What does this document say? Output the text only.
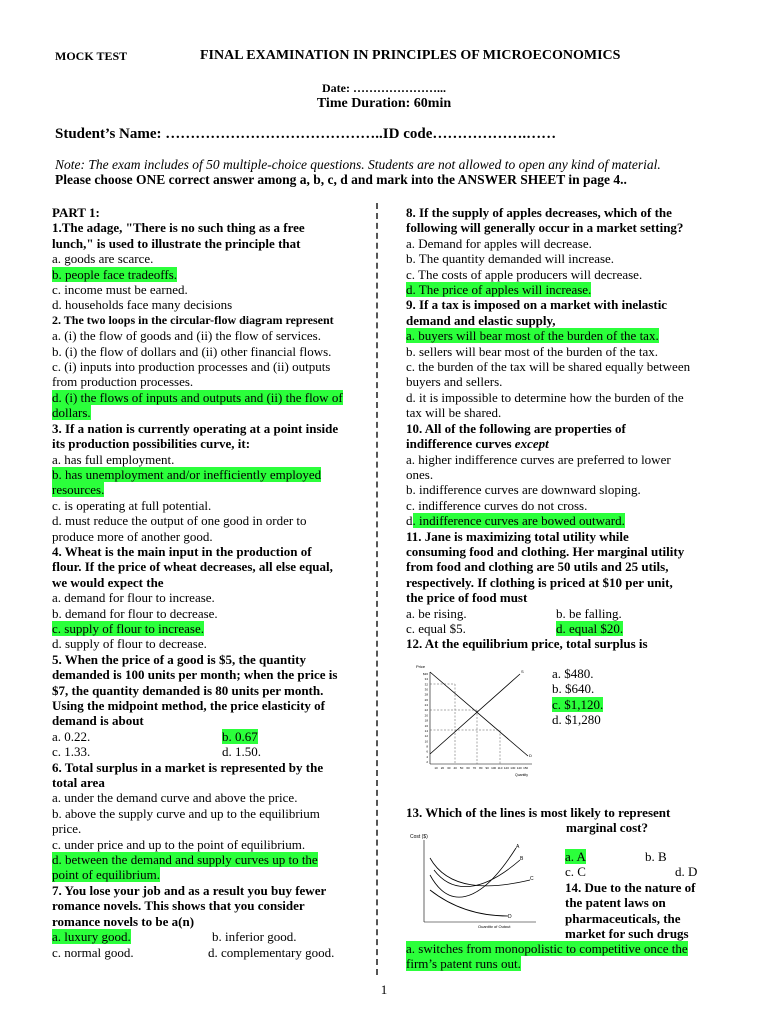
MOCK TEST	FINAL EXAMINATION IN PRINCIPLES OF MICROECONOMICS
Date: …………………...
Time Duration: 60min
Student’s Name: ……………………………………..ID code……………….……
Note: The exam includes of 50 multiple-choice questions. Students are not allowed to open any kind of material.
Please choose ONE correct answer among a, b, c, d and mark into the ANSWER SHEET in page 4..
PART 1:
1.The adage, "There is no such thing as a free
lunch," is used to illustrate the principle that
a. goods are scarce.
b. people face tradeoffs.
c. income must be earned.
d. households face many decisions
2. The two loops in the circular-flow diagram represent
a. (i) the flow of goods and (ii) the flow of services.
b. (i) the flow of dollars and (ii) other financial flows.
c. (i) inputs into production processes and (ii) outputs
from production processes.
d. (i) the flows of inputs and outputs and (ii) the flow of
dollars.
3. If a nation is currently operating at a point inside
its production possibilities curve, it:
a. has full employment.
b. has unemployment and/or inefficiently employed
resources.
c. is operating at full potential.
d. must reduce the output of one good in order to
produce more of another good.
4. Wheat is the main input in the production of
flour. If the price of wheat decreases, all else equal,
we would expect the
a. demand for flour to increase.
b. demand for flour to decrease.
c. supply of flour to increase.
d. supply of flour to decrease.
5. When the price of a good is $5, the quantity
demanded is 100 units per month; when the price is
$7, the quantity demanded is 80 units per month.
Using the midpoint method, the price elasticity of
demand is about
a. 0.22.	b. 0.67
c. 1.33.	d. 1.50.
6. Total surplus in a market is represented by the
total area
a. under the demand curve and above the price.
b. above the supply curve and up to the equilibrium
price.
c. under price and up to the point of equilibrium.
d. between the demand and supply curves up to the
point of equilibrium.
7. You lose your job and as a result you buy fewer
romance novels. This shows that you consider
romance novels to be a(n)
a. luxury good.	b. inferior good.
c. normal good.	d. complementary good.
8. If the supply of apples decreases, which of the
following will generally occur in a market setting?
a. Demand for apples will decrease.
b. The quantity demanded will increase.
c. The costs of apple producers will decrease.
d. The price of apples will increase.
9. If a tax is imposed on a market with inelastic
demand and elastic supply,
a. buyers will bear most of the burden of the tax.
b. sellers will bear most of the burden of the tax.
c. the burden of the tax will be shared equally between
buyers and sellers.
d. it is impossible to determine how the burden of the
tax will be shared.
10. All of the following are properties of
indifference curves except
a. higher indifference curves are preferred to lower
ones.
b. indifference curves are downward sloping.
c. indifference curves do not cross.
d. indifference curves are bowed outward.
11. Jane is maximizing total utility while
consuming food and clothing. Her marginal utility
from food and clothing are 50 utils and 25 utils,
respectively. If clothing is priced at $10 per unit,
the price of food must
a. be rising.	b. be falling.
c. equal $5.	d. equal $20.
12. At the equilibrium price, total surplus is
Price
$36
34
32
30
28
26
24
22
20
18
16
14
12
10
8
6
4
2
10 20 30 40 50 60 70 80 90 100 110 120 130 140 150
S
D
Quantity
a. $480.
b. $640.
c. $1,120.
d. $1,280
13. Which of the lines is most likely to represent
marginal cost?
Cost ($)
A
B
C
D
Quantity of Output
a. A	b. B
c. C	d. D
14. Due to the nature of
the patent laws on
pharmaceuticals, the
market for such drugs
a. switches from monopolistic to competitive once the
firm’s patent runs out.
1
